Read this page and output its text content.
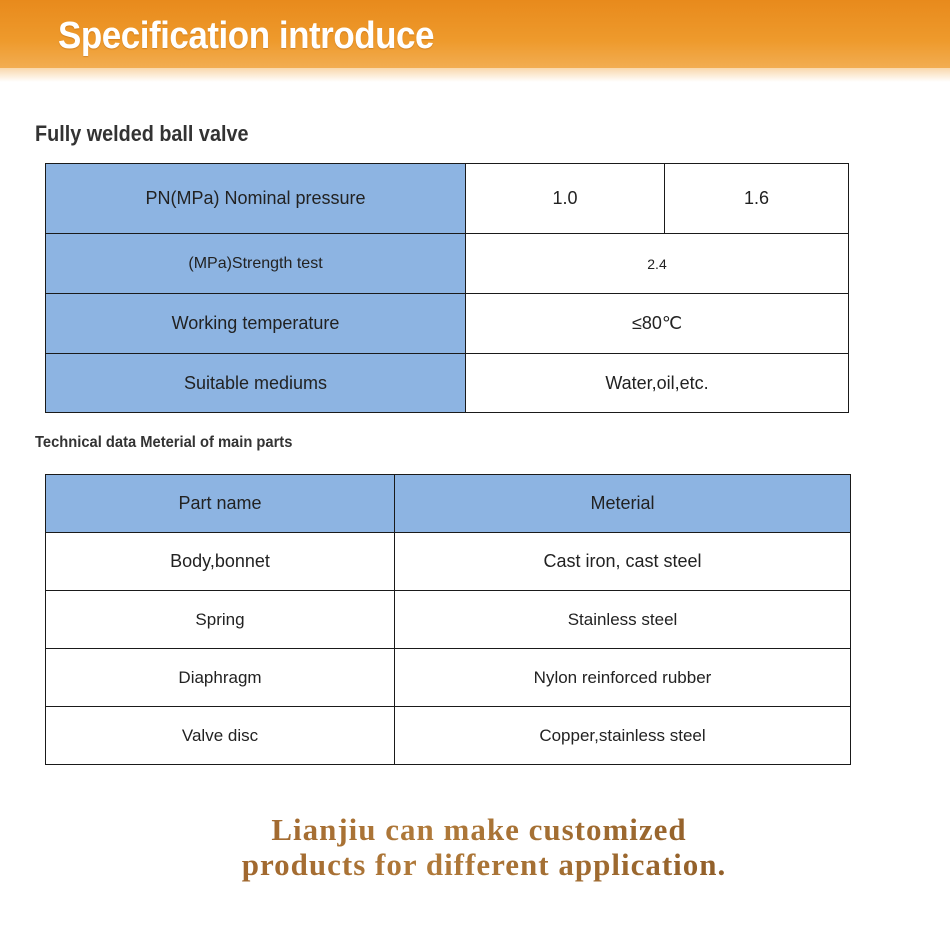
Specification introduce
Fully welded ball valve
PN(MPa) Nominal pressure	1.0	1.6
(MPa)Strength test	2.4	
Working temperature	≤80℃	
Suitable mediums	Water,oil,etc.	
Technical data Meterial of main parts
Part name	Meterial
Body,bonnet	Cast iron, cast steel
Spring	Stainless steel
Diaphragm	Nylon reinforced rubber
Valve disc	Copper,stainless steel
Lianjiu can make customized
products for different application.
